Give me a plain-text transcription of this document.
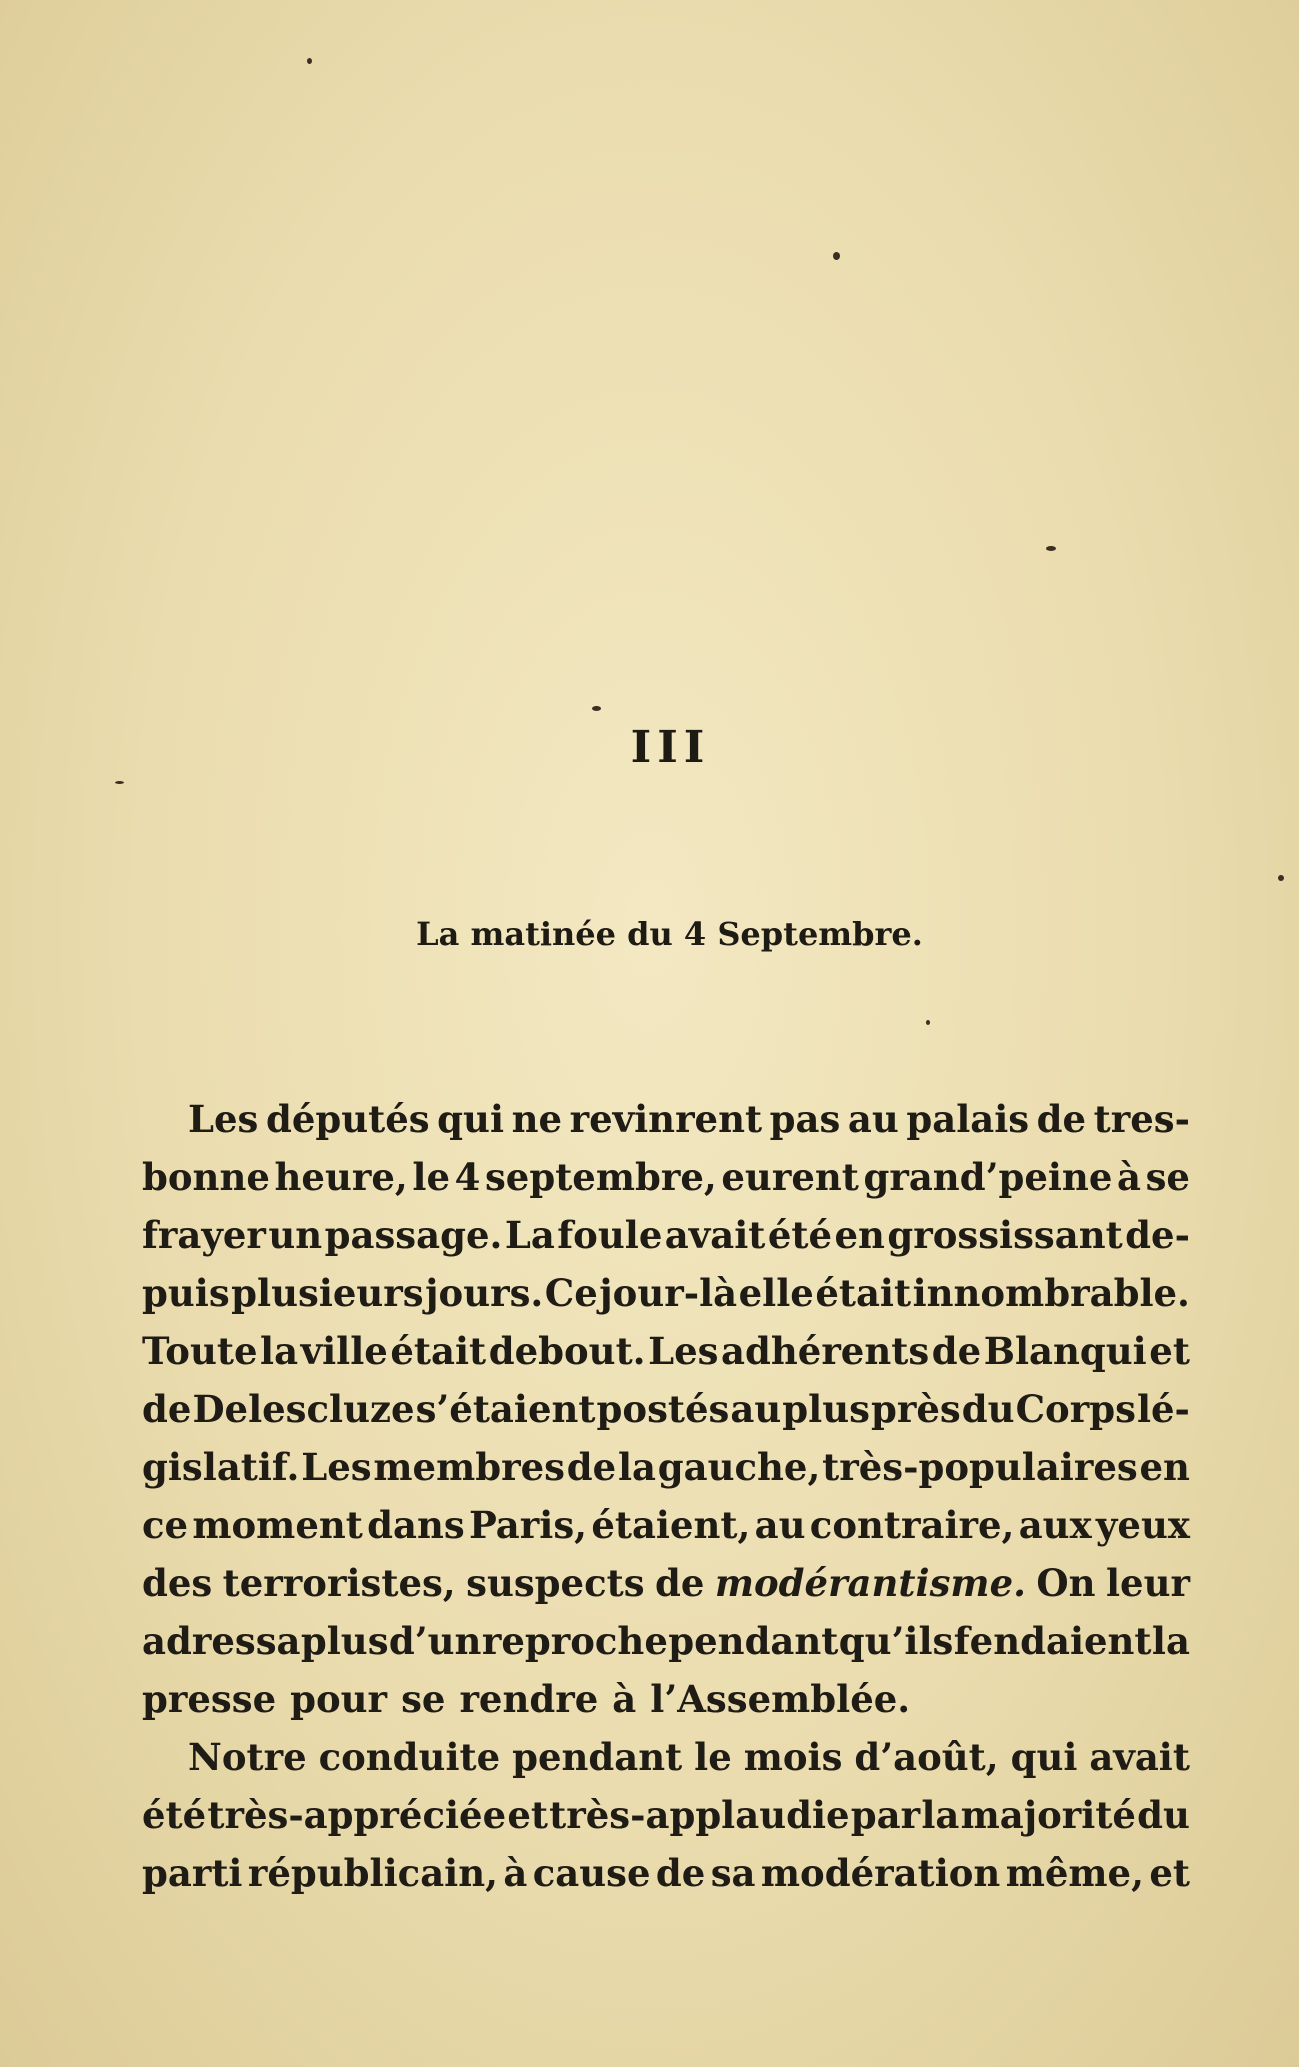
III
La matinée du 4 Septembre.
Les députés qui ne revinrent pas au palais de tres-
bonne heure, le 4 septembre, eurent grand’peine à se
frayer un passage. La foule avait été en grossissant de-
puis plusieurs jours. Ce jour-là elle était innombrable.
Toute la ville était debout. Les adhérents de Blanqui et
de Delescluze s’étaient postés au plus près du Corps lé-
gislatif. Les membres de la gauche, très-populaires en
ce moment dans Paris, étaient, au contraire, aux yeux
des terroristes, suspects de modérantisme. On leur
adressa plus d’un reproche pendant qu’ils fendaient la
presse pour se rendre à l’Assemblée.
Notre conduite pendant le mois d’août, qui avait
été très-appréciée et très-applaudie par la majorité du
parti républicain, à cause de sa modération même, et
